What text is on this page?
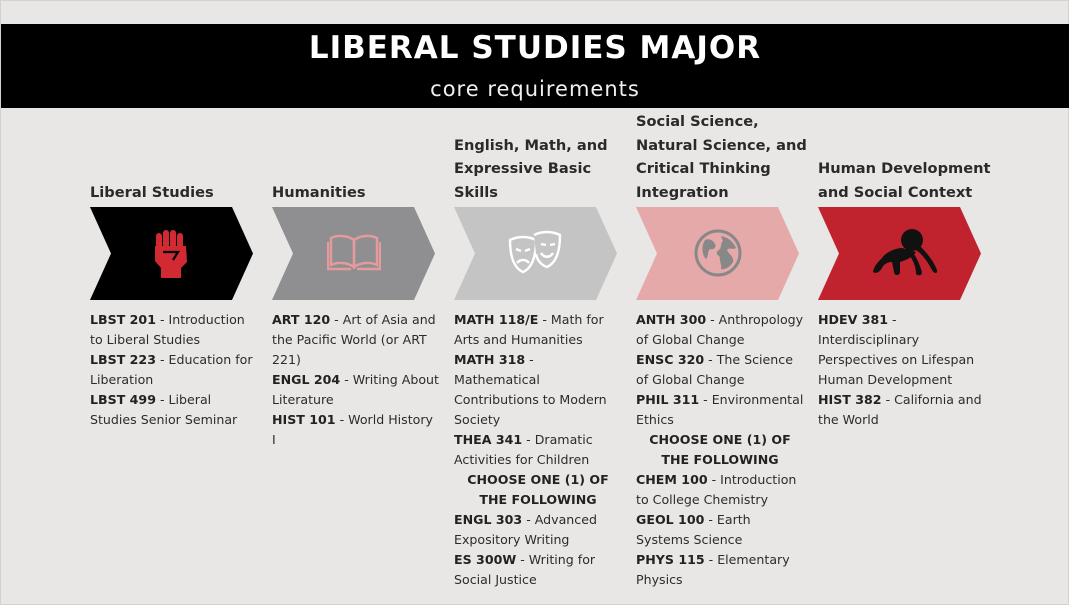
LIBERAL STUDIES MAJOR
core requirements
Liberal Studies

LBST 201 - Introduction to Liberal Studies

LBST 223 - Education for Liberation

LBST 499 - Liberal Studies Senior Seminar

Humanities

ART 120 - Art of Asia and the Pacific World (or ART 221)

ENGL 204 - Writing About Literature

HIST 101 - World History I

English, Math, and Expressive Basic Skills

MATH 118/E - Math for Arts and Humanities

MATH 318 - Mathematical Contributions to Modern Society

THEA 341 - Dramatic Activities for Children

CHOOSE ONE (1) OF THE FOLLOWING

ENGL 303 - Advanced Expository Writing

ES 300W - Writing for Social Justice

Social Science, Natural Science, and Critical Thinking Integration

ANTH 300 - Anthropology of Global Change

ENSC 320 - The Science of Global Change

PHIL 311 - Environmental Ethics

CHOOSE ONE (1) OF THE FOLLOWING

CHEM 100 - Introduction to College Chemistry

GEOL 100 - Earth Systems Science

PHYS 115 - Elementary Physics

Human Development and Social Context

HDEV 381 - Interdisciplinary Perspectives on Lifespan Human Development

HIST 382 - California and the World
